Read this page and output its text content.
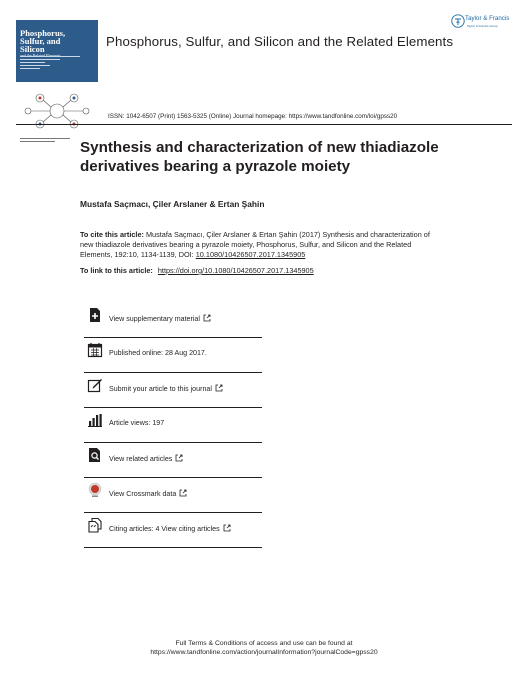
Phosphorus,
Sulfur, and
Silicon	Phosphorus, Sulfur, and Silicon and the Related Elements
Taylor & Francis
Taylor & Francis Group
ISSN: 1042-6507 (Print) 1563-5325 (Online) Journal homepage: https://www.tandfonline.com/loi/gpss20
Synthesis and characterization of new thiadiazole derivatives bearing a pyrazole moiety
Mustafa Saçmacı, Çiler Arslaner & Ertan Şahin
To cite this article: Mustafa Saçmacı, Çiler Arslaner & Ertan Şahin (2017) Synthesis and characterization of new thiadiazole derivatives bearing a pyrazole moiety, Phosphorus, Sulfur, and Silicon and the Related Elements, 192:10, 1134-1139, DOI: 10.1080/10426507.2017.1345905
To link to this article: https://doi.org/10.1080/10426507.2017.1345905
View supplementary material
Published online: 28 Aug 2017.
Submit your article to this journal
Article views: 197
View related articles
View Crossmark data
Citing articles: 4 View citing articles
Full Terms & Conditions of access and use can be found at
https://www.tandfonline.com/action/journalInformation?journalCode=gpss20
